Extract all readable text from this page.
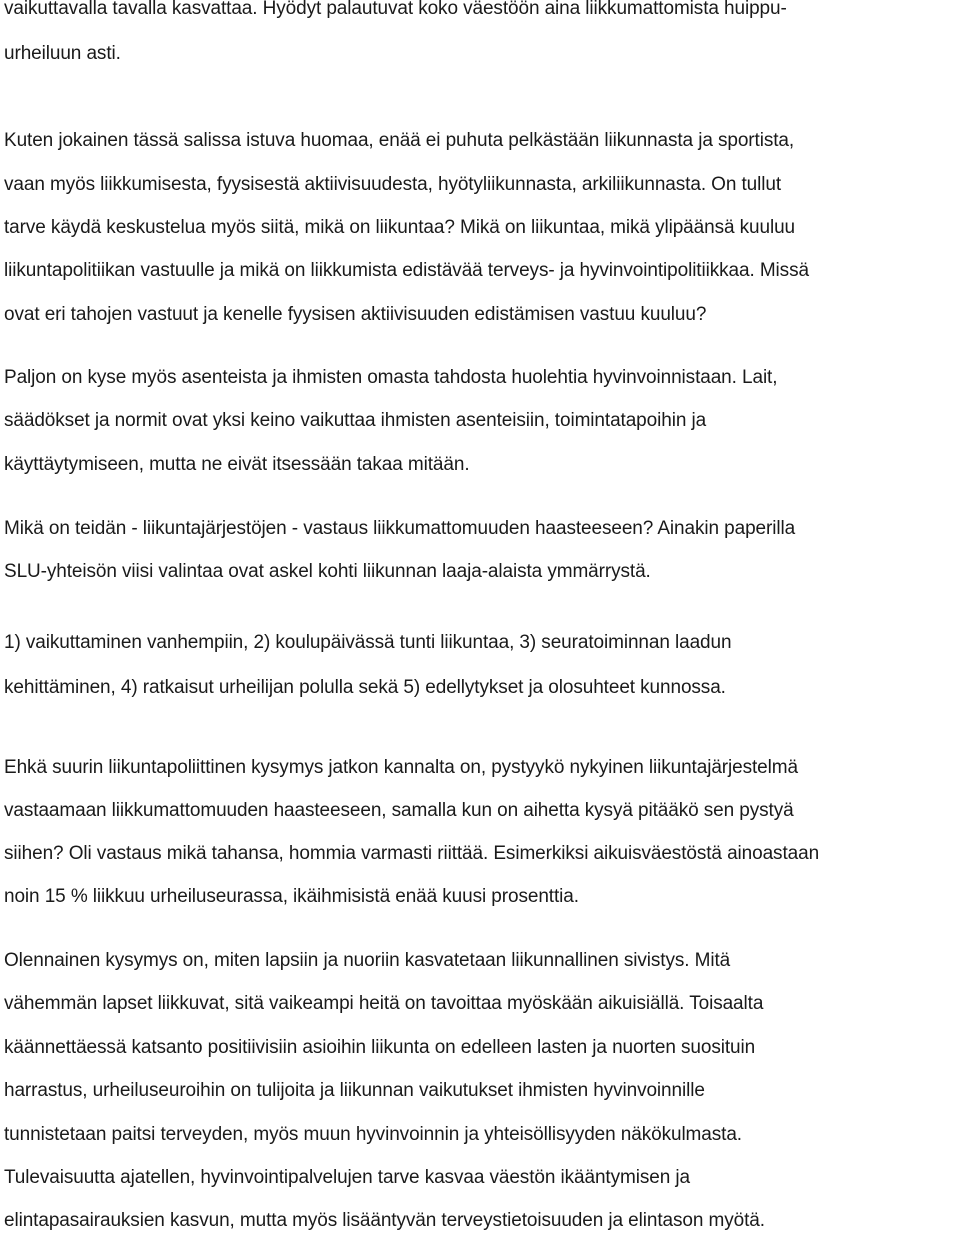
vaikuttavalla tavalla kasvattaa. Hyödyt palautuvat koko väestöön aina liikkumattomista huippu-
urheiluun asti.
Kuten jokainen tässä salissa istuva huomaa, enää ei puhuta pelkästään liikunnasta ja sportista,
vaan myös liikkumisesta, fyysisestä aktiivisuudesta, hyötyliikunnasta, arkiliikunnasta. On tullut
tarve käydä keskustelua myös siitä, mikä on liikuntaa? Mikä on liikuntaa, mikä ylipäänsä kuuluu
liikuntapolitiikan vastuulle ja mikä on liikkumista edistävää terveys- ja hyvinvointipolitiikkaa. Missä
ovat eri tahojen vastuut ja kenelle fyysisen aktiivisuuden edistämisen vastuu kuuluu?
Paljon on kyse myös asenteista ja ihmisten omasta tahdosta huolehtia hyvinvoinnistaan. Lait,
säädökset ja normit ovat yksi keino vaikuttaa ihmisten asenteisiin, toimintatapoihin ja
käyttäytymiseen, mutta ne eivät itsessään takaa mitään.
Mikä on teidän - liikuntajärjestöjen - vastaus liikkumattomuuden haasteeseen? Ainakin paperilla
SLU-yhteisön viisi valintaa ovat askel kohti liikunnan laaja-alaista ymmärrystä.
1) vaikuttaminen vanhempiin, 2) koulupäivässä tunti liikuntaa, 3) seuratoiminnan laadun
kehittäminen, 4) ratkaisut urheilijan polulla sekä 5) edellytykset ja olosuhteet kunnossa.
Ehkä suurin liikuntapoliittinen kysymys jatkon kannalta on, pystyykö nykyinen liikuntajärjestelmä
vastaamaan liikkumattomuuden haasteeseen, samalla kun on aihetta kysyä pitääkö sen pystyä
siihen? Oli vastaus mikä tahansa, hommia varmasti riittää. Esimerkiksi aikuisväestöstä ainoastaan
noin 15 % liikkuu urheiluseurassa, ikäihmisistä enää kuusi prosenttia.
Olennainen kysymys on, miten lapsiin ja nuoriin kasvatetaan liikunnallinen sivistys. Mitä
vähemmän lapset liikkuvat, sitä vaikeampi heitä on tavoittaa myöskään aikuisiällä. Toisaalta
käännettäessä katsanto positiivisiin asioihin liikunta on edelleen lasten ja nuorten suosituin
harrastus, urheiluseuroihin on tulijoita ja liikunnan vaikutukset ihmisten hyvinvoinnille
tunnistetaan paitsi terveyden, myös muun hyvinvoinnin ja yhteisöllisyyden näkökulmasta.
Tulevaisuutta ajatellen, hyvinvointipalvelujen tarve kasvaa väestön ikääntymisen ja
elintapasairauksien kasvun, mutta myös lisääntyvän terveystietoisuuden ja elintason myötä.
